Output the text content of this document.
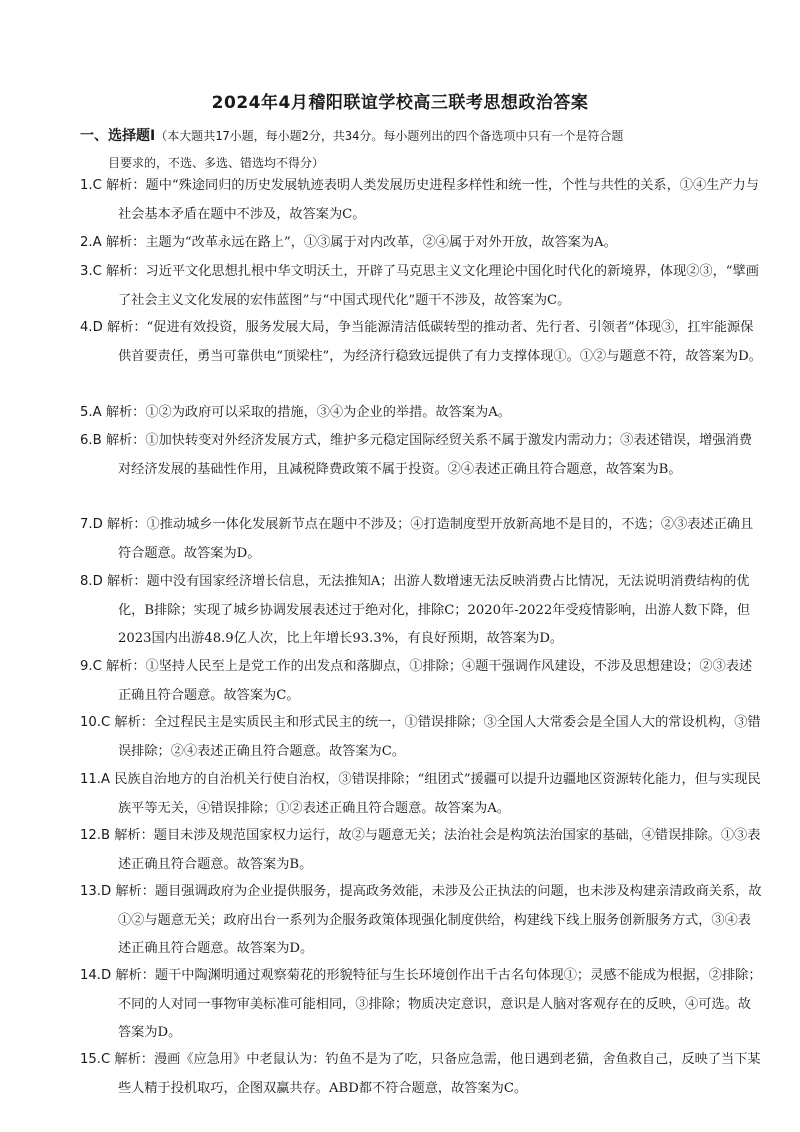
2024年4月稽阳联谊学校高三联考思想政治答案
一、选择题Ⅰ（本大题共17小题，每小题2分，共34分。每小题列出的四个备选项中只有一个是符合题
目要求的，不选、多选、错选均不得分）
1.C 解析：题中“殊途同归的历史发展轨迹表明人类发展历史进程多样性和统一性，个性与共性的关系，①④生产力与社会基本矛盾在题中不涉及，故答案为C。
2.A 解析：主题为“改革永远在路上”，①③属于对内改革，②④属于对外开放，故答案为A。
3.C 解析：习近平文化思想扎根中华文明沃土，开辟了马克思主义文化理论中国化时代化的新境界，体现②③，“擘画了社会主义文化发展的宏伟蓝图”与“中国式现代化”题干不涉及，故答案为C。
4.D 解析：“促进有效投资，服务发展大局，争当能源清洁低碳转型的推动者、先行者、引领者”体现③，扛牢能源保供首要责任，勇当可靠供电“顶梁柱”，为经济行稳致远提供了有力支撑体现①。①②与题意不符，故答案为D。
5.A 解析：①②为政府可以采取的措施，③④为企业的举措。故答案为A。
6.B 解析：①加快转变对外经济发展方式，维护多元稳定国际经贸关系不属于激发内需动力；③表述错误，增强消费对经济发展的基础性作用，且减税降费政策不属于投资。②④表述正确且符合题意，故答案为B。
7.D 解析：①推动城乡一体化发展新节点在题中不涉及；④打造制度型开放新高地不是目的，不选；②③表述正确且符合题意。故答案为D。
8.D 解析：题中没有国家经济增长信息，无法推知A；出游人数增速无法反映消费占比情况，无法说明消费结构的优化，B排除；实现了城乡协调发展表述过于绝对化，排除C；2020年-2022年受疫情影响，出游人数下降，但2023国内出游48.9亿人次，比上年增长93.3%，有良好预期，故答案为D。
9.C 解析：①坚持人民至上是党工作的出发点和落脚点，①排除；④题干强调作风建设，不涉及思想建设；②③表述正确且符合题意。故答案为C。
10.C 解析：全过程民主是实质民主和形式民主的统一，①错误排除；③全国人大常委会是全国人大的常设机构，③错误排除；②④表述正确且符合题意。故答案为C。
11.A 民族自治地方的自治机关行使自治权，③错误排除；“组团式”援疆可以提升边疆地区资源转化能力，但与实现民族平等无关，④错误排除；①②表述正确且符合题意。故答案为A。
12.B 解析：题目未涉及规范国家权力运行，故②与题意无关；法治社会是构筑法治国家的基础，④错误排除。①③表述正确且符合题意。故答案为B。
13.D 解析：题目强调政府为企业提供服务，提高政务效能，未涉及公正执法的问题，也未涉及构建亲清政商关系，故①②与题意无关；政府出台一系列为企服务政策体现强化制度供给，构建线下线上服务创新服务方式，③④表述正确且符合题意。故答案为D。
14.D 解析：题干中陶渊明通过观察菊花的形貌特征与生长环境创作出千古名句体现①；灵感不能成为根据，②排除；不同的人对同一事物审美标准可能相同，③排除；物质决定意识，意识是人脑对客观存在的反映，④可选。故答案为D。
15.C 解析：漫画《应急用》中老鼠认为：钓鱼不是为了吃，只备应急需，他日遇到老猫，舍鱼救自己，反映了当下某些人精于投机取巧，企图双赢共存。ABD都不符合题意，故答案为C。
